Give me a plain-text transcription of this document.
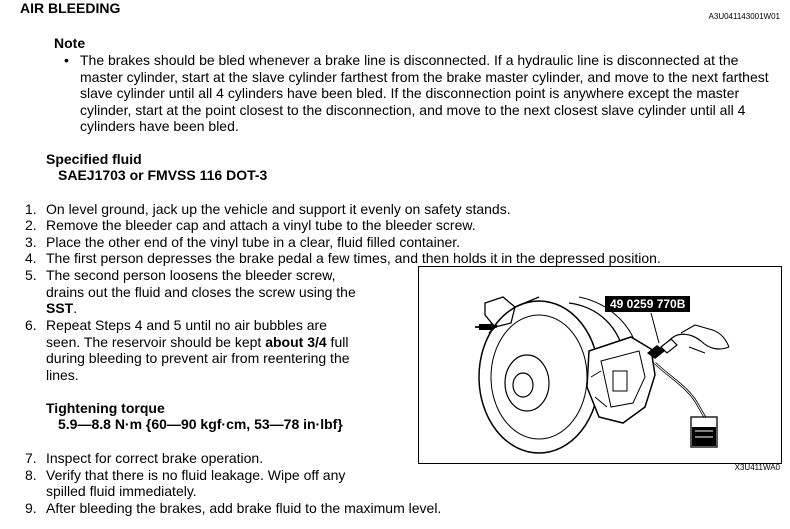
AIR BLEEDING
A3U041143001W01
Note
• The brakes should be bled whenever a brake line is disconnected. If a hydraulic line is disconnected at the master cylinder, start at the slave cylinder farthest from the brake master cylinder, and move to the next farthest slave cylinder until all 4 cylinders have been bled. If the disconnection point is anywhere except the master cylinder, start at the point closest to the disconnection, and move to the next closest slave cylinder until all 4 cylinders have been bled.
Specified fluid
SAEJ1703 or FMVSS 116 DOT-3
1. On level ground, jack up the vehicle and support it evenly on safety stands.
2. Remove the bleeder cap and attach a vinyl tube to the bleeder screw.
3. Place the other end of the vinyl tube in a clear, fluid filled container.
4. The first person depresses the brake pedal a few times, and then holds it in the depressed position.
5. The second person loosens the bleeder screw,
drains out the fluid and closes the screw using the
SST.
6. Repeat Steps 4 and 5 until no air bubbles are
seen. The reservoir should be kept about 3/4 full
during bleeding to prevent air from reentering the
lines.
Tightening torque
5.9—8.8 N·m {60—90 kgf·cm, 53—78 in·lbf}
7. Inspect for correct brake operation.
8. Verify that there is no fluid leakage. Wipe off any
spilled fluid immediately.
9. After bleeding the brakes, add brake fluid to the maximum level.
49 0259 770B
X3U411WA0
